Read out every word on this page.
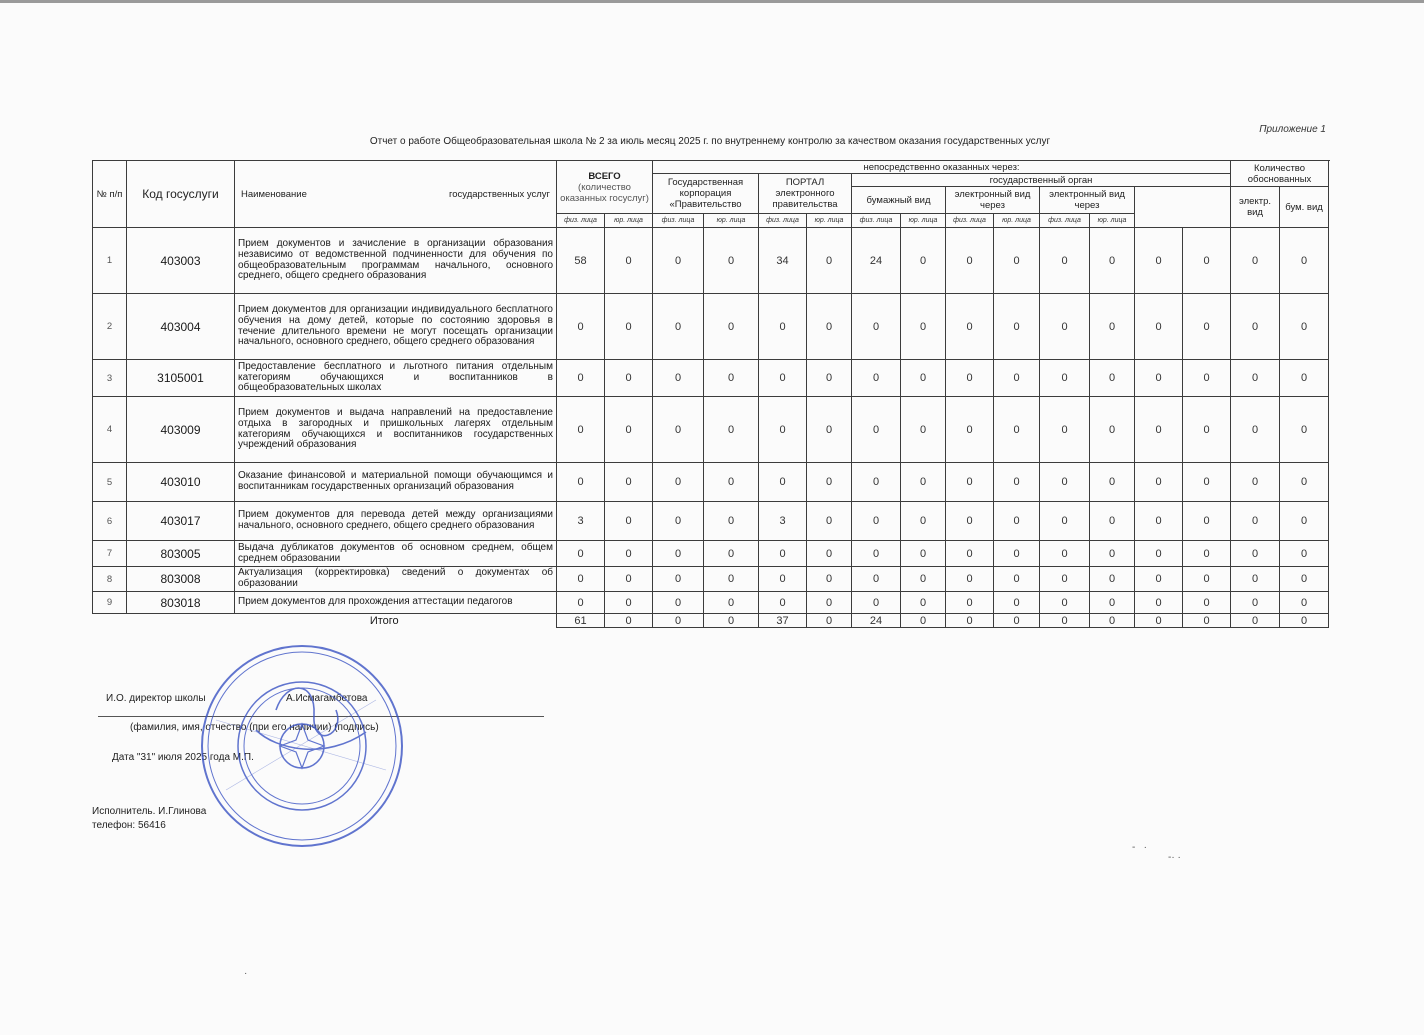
Приложение 1
Отчет о работе Общеобразовательная школа № 2 за июль месяц 2025 г. по внутреннему контролю за качеством оказания государственных услуг
№ п/п	Код госуслуги	Наименование государственных услуг	ВСЕГО
(количество оказанных госуслуг)		непосредственно оказанных через:												Количество обоснованных	
					Государственная корпорация «Правительство		ПОРТАЛ электронного правительства		государственный орган										
									бумажный вид		электронный вид через		электронный вид через				электр. вид	бум. вид		
			физ. лица	юр. лица	физ. лица	юр. лица	физ. лица	юр. лица	физ. лица	юр. лица	физ. лица	юр. лица	физ. лица	юр. лица					
1	403003	Прием документов и зачисление в организации образования независимо от ведомственной подчиненности для обучения по общеобразовательным программам начального, основного среднего, общего среднего образования	58	0	0	0	34	0	24	0	0	0	0	0	0	0	0	0	
2	403004	Прием документов для организации индивидуального бесплатного обучения на дому детей, которые по состоянию здоровья в течение длительного времени не могут посещать организации начального, основного среднего, общего среднего образования	0	0	0	0	0	0	0	0	0	0	0	0	0	0	0	0	
3	3105001	Предоставление бесплатного и льготного питания отдельным категориям обучающихся и воспитанников в общеобразовательных школах	0	0	0	0	0	0	0	0	0	0	0	0	0	0	0	0	
4	403009	Прием документов и выдача направлений на предоставление отдыха в загородных и пришкольных лагерях отдельным категориям обучающихся и воспитанников государственных учреждений образования	0	0	0	0	0	0	0	0	0	0	0	0	0	0	0	0	
5	403010	Оказание финансовой и материальной помощи обучающимся и воспитанникам государственных организаций образования	0	0	0	0	0	0	0	0	0	0	0	0	0	0	0	0	
6	403017	Прием документов для перевода детей между организациями начального, основного среднего, общего среднего образования	3	0	0	0	3	0	0	0	0	0	0	0	0	0	0	0	
7	803005	Выдача дубликатов документов об основном среднем, общем среднем образовании	0	0	0	0	0	0	0	0	0	0	0	0	0	0	0	0	
8	803008	Актуализация (корректировка) сведений о документах об образовании	0	0	0	0	0	0	0	0	0	0	0	0	0	0	0	0	
9	803018	Прием документов для прохождения аттестации педагогов	0	0	0	0	0	0	0	0	0	0	0	0	0	0	0	0	
Итого			61	0	0	0	37	0	24	0	0	0	0	0	0	0	0	0	
И.О. директор школы	А.Исмагамбетова
(фамилия, имя, отчество (при его наличии) (подпись)
Дата "31" июля 2025 года М.П.
Исполнитель. И.Глинова
телефон: 56416
-   ·
-· ·
·
